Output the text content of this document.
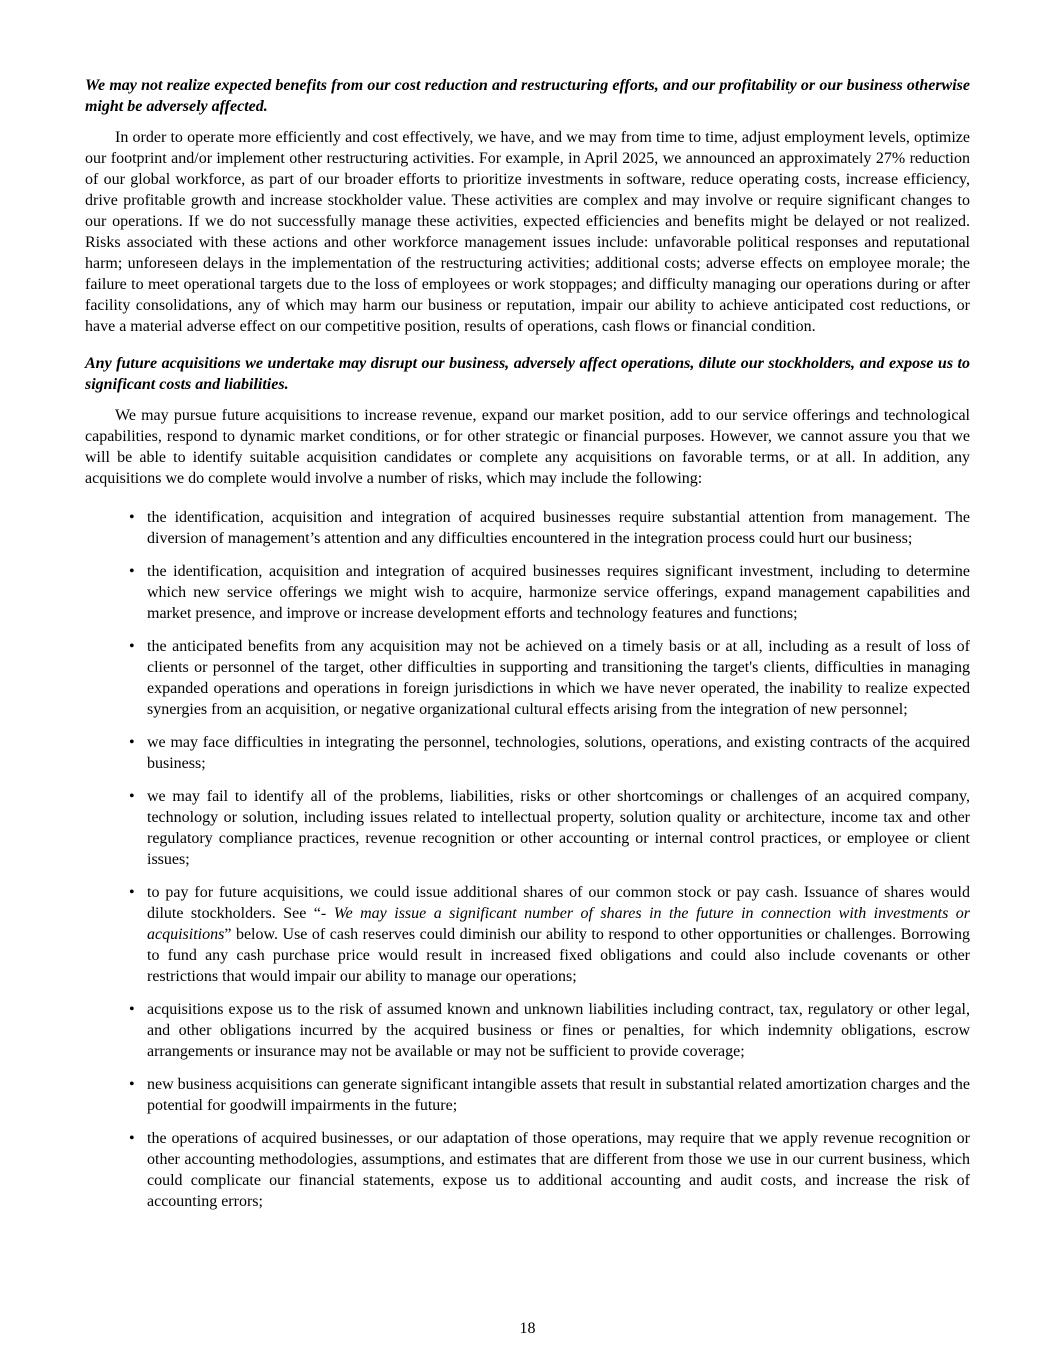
We may not realize expected benefits from our cost reduction and restructuring efforts, and our profitability or our business otherwise might be adversely affected.

In order to operate more efficiently and cost effectively, we have, and we may from time to time, adjust employment levels, optimize our footprint and/or implement other restructuring activities. For example, in April 2025, we announced an approximately 27% reduction of our global workforce, as part of our broader efforts to prioritize investments in software, reduce operating costs, increase efficiency, drive profitable growth and increase stockholder value. These activities are complex and may involve or require significant changes to our operations. If we do not successfully manage these activities, expected efficiencies and benefits might be delayed or not realized. Risks associated with these actions and other workforce management issues include: unfavorable political responses and reputational harm; unforeseen delays in the implementation of the restructuring activities; additional costs; adverse effects on employee morale; the failure to meet operational targets due to the loss of employees or work stoppages; and difficulty managing our operations during or after facility consolidations, any of which may harm our business or reputation, impair our ability to achieve anticipated cost reductions, or have a material adverse effect on our competitive position, results of operations, cash flows or financial condition.

Any future acquisitions we undertake may disrupt our business, adversely affect operations, dilute our stockholders, and expose us to significant costs and liabilities.

We may pursue future acquisitions to increase revenue, expand our market position, add to our service offerings and technological capabilities, respond to dynamic market conditions, or for other strategic or financial purposes. However, we cannot assure you that we will be able to identify suitable acquisition candidates or complete any acquisitions on favorable terms, or at all. In addition, any acquisitions we do complete would involve a number of risks, which may include the following:

• the identification, acquisition and integration of acquired businesses require substantial attention from management. The diversion of management’s attention and any difficulties encountered in the integration process could hurt our business;
• the identification, acquisition and integration of acquired businesses requires significant investment, including to determine which new service offerings we might wish to acquire, harmonize service offerings, expand management capabilities and market presence, and improve or increase development efforts and technology features and functions;
• the anticipated benefits from any acquisition may not be achieved on a timely basis or at all, including as a result of loss of clients or personnel of the target, other difficulties in supporting and transitioning the target's clients, difficulties in managing expanded operations and operations in foreign jurisdictions in which we have never operated, the inability to realize expected synergies from an acquisition, or negative organizational cultural effects arising from the integration of new personnel;
• we may face difficulties in integrating the personnel, technologies, solutions, operations, and existing contracts of the acquired business;
• we may fail to identify all of the problems, liabilities, risks or other shortcomings or challenges of an acquired company, technology or solution, including issues related to intellectual property, solution quality or architecture, income tax and other regulatory compliance practices, revenue recognition or other accounting or internal control practices, or employee or client issues;
• to pay for future acquisitions, we could issue additional shares of our common stock or pay cash. Issuance of shares would dilute stockholders. See “- We may issue a significant number of shares in the future in connection with investments or acquisitions” below. Use of cash reserves could diminish our ability to respond to other opportunities or challenges. Borrowing to fund any cash purchase price would result in increased fixed obligations and could also include covenants or other restrictions that would impair our ability to manage our operations;
• acquisitions expose us to the risk of assumed known and unknown liabilities including contract, tax, regulatory or other legal, and other obligations incurred by the acquired business or fines or penalties, for which indemnity obligations, escrow arrangements or insurance may not be available or may not be sufficient to provide coverage;
• new business acquisitions can generate significant intangible assets that result in substantial related amortization charges and the potential for goodwill impairments in the future;
• the operations of acquired businesses, or our adaptation of those operations, may require that we apply revenue recognition or other accounting methodologies, assumptions, and estimates that are different from those we use in our current business, which could complicate our financial statements, expose us to additional accounting and audit costs, and increase the risk of accounting errors;
18
